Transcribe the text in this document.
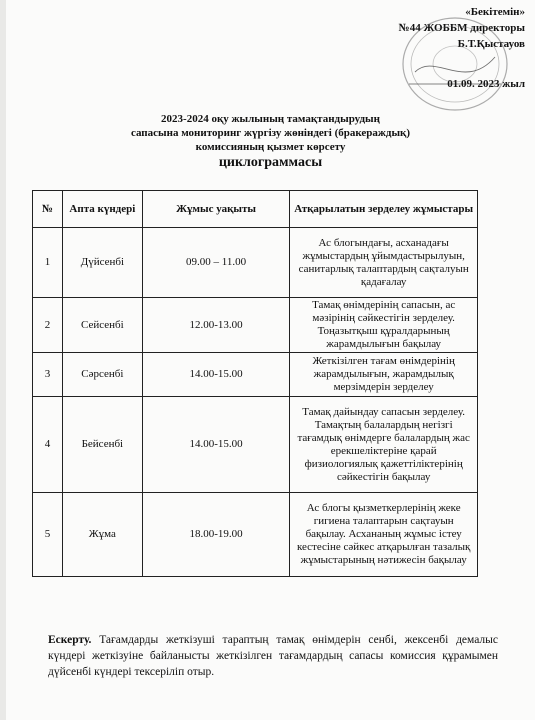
«Бекітемін»
№44 ЖОББМ директоры
Б.Т.Қыстауов
01.09. 2023 жыл
2023-2024 оқу жылының тамақтандырудың
сапасына мониторинг жүргізу жөніндегі (бракераждық)
комиссияның қызмет көрсету
циклограммасы
№	Апта күндері	Жұмыс уақыты	Атқарылатын зерделеу жұмыстары
1	Дүйсенбі	09.00 – 11.00	Ас блогындағы, асханадағы жұмыстардың ұйымдастырылуын, санитарлық талаптардың сақталуын қадағалау
2	Сейсенбі	12.00-13.00	Тамақ өнімдерінің сапасын, ас мәзірінің сәйкестігін зерделеу. Тоңазытқыш құралдарының жарамдылығын бақылау
3	Сәрсенбі	14.00-15.00	Жеткізілген тағам өнімдерінің жарамдылығын, жарамдылық мерзімдерін зерделеу
4	Бейсенбі	14.00-15.00	Тамақ дайындау сапасын зерделеу. Тамақтың балалардың негізгі тағамдық өнімдерге балалардың жас ерекшеліктеріне қарай физиологиялық қажеттіліктерінің сәйкестігін бақылау
5	Жұма	18.00-19.00	Ас блогы қызметкерлерінің жеке гигиена талаптарын сақтауын бақылау. Асхананың жұмыс істеу кестесіне сәйкес атқарылған тазалық жұмыстарының нәтижесін бақылау
Ескерту. Тағамдарды жеткізуші тараптың тамақ өнімдерін сенбі, жексенбі демалыс күндері жеткізуіне байланысты жеткізілген тағамдардың сапасы комиссия құрамымен дүйсенбі күндері тексерiлiп отыр.
